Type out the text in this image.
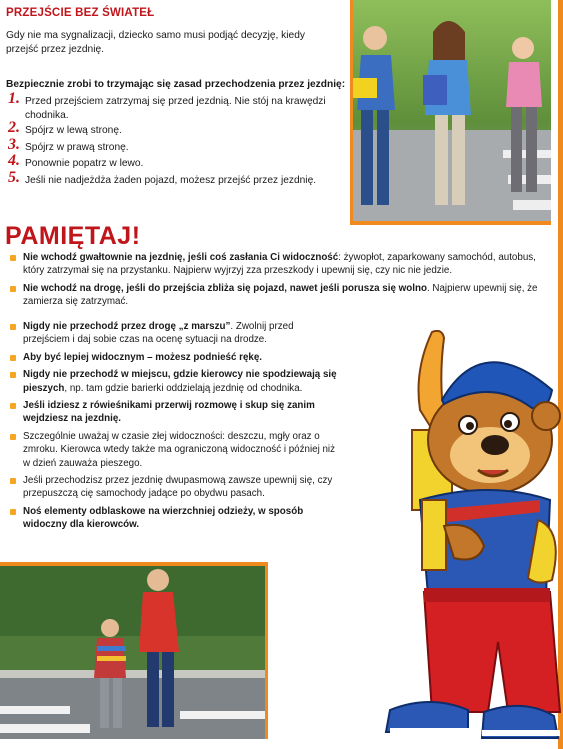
PRZEJŚCIE BEZ ŚWIATEŁ
Gdy nie ma sygnalizacji, dziecko samo musi podjąć decyzję, kiedy przejść przez jezdnię.
Bezpiecznie zrobi to trzymając się zasad przechodzenia przez jezdnię:
1. Przed przejściem zatrzymaj się przed jezdnią. Nie stój na krawędzi chodnika.
2. Spójrz w lewą stronę.
3. Spójrz w prawą stronę.
4. Ponownie popatrz w lewo.
5. Jeśli nie nadjeżdża żaden pojazd, możesz przejść przez jezdnię.
PAMIĘTAJ!
Nie wchodź gwałtownie na jezdnię, jeśli coś zasłania Ci widoczność: żywopłot, zaparkowany samochód, autobus, który zatrzymał się na przystanku. Najpierw wyjrzyj zza przeszkody i upewnij się, czy nic nie jedzie.
Nie wchodź na drogę, jeśli do przejścia zbliża się pojazd, nawet jeśli porusza się wolno. Najpierw upewnij się, że zamierza się zatrzymać.
Nigdy nie przechodź przez drogę „z marszu”. Zwolnij przed przejściem i daj sobie czas na ocenę sytuacji na drodze.
Aby być lepiej widocznym – możesz podnieść rękę.
Nigdy nie przechodź w miejscu, gdzie kierowcy nie spodziewają się pieszych, np. tam gdzie barierki oddzielają jezdnię od chodnika.
Jeśli idziesz z rówieśnikami przerwij rozmowę i skup się zanim wejdziesz na jezdnię.
Szczególnie uważaj w czasie złej widoczności: deszczu, mgły oraz o zmroku. Kierowca wtedy także ma ograniczoną widoczność i później niż w dzień zauważa pieszego.
Jeśli przechodzisz przez jezdnię dwupasmową zawsze upewnij się, czy przepuszczą cię samochody jadące po obydwu pasach.
Noś elementy odblaskowe na wierzchniej odzieży, w sposób widoczny dla kierowców.
